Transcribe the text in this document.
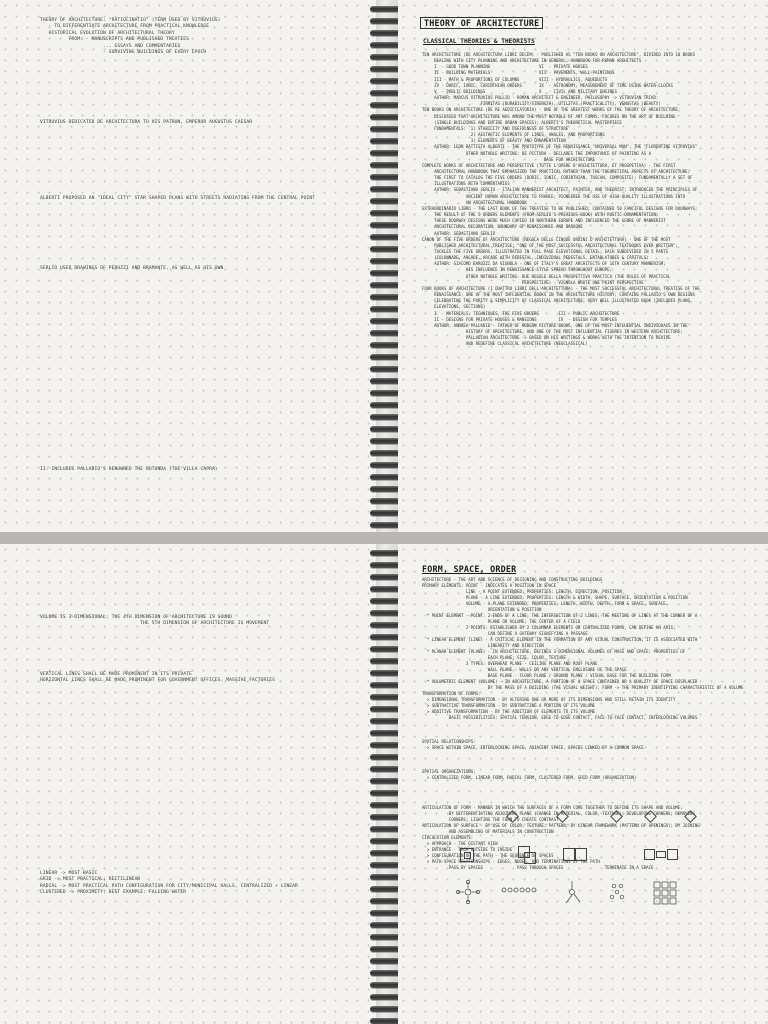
THEORY OF ARCHITECTURE: "RATIOCINATIO" (TERM USED BY VITRUVIUS)
- TO DIFFERENTIATE ARCHITECTURE FROM PRACTICAL KNOWLEDGE
HISTORICAL EVOLUTION OF ARCHITECTURAL THEORY
FROM: - MANUSCRIPTS AND PUBLISHED TREATIES
... ESSAYS AND COMMENTARIES
- SURVIVING BUILDINGS OF EVERY EPOCH

VITRUVIUS DEDICATED DE ARCHITECTURA TO HIS PATRON, EMPEROR AUGUSTUS CAESAR

ALBERTI PROPOSED AN "IDEAL CITY" STAR SHAPED PLANS WITH STREETS RADIATING FROM THE CENTRAL POINT

SERLIO USED DRAWINGS OF PERUZZI AND BRAMANTE, AS WELL AS HIS OWN

II: INCLUDES PALLADIO'S RENOWNED THE ROTUNDA (THE VILLA CAPRA)

THEORY OF ARCHITECTURE

CLASSICAL THEORIES & THEORISTS

TEN ARCHITECTURE (DE ARCHITECTURA LIBRI DECEM) - PUBLISHED AS "TEN BOOKS ON ARCHITECTURE", DIVIDED INTO 10 BOOKS
DEALING WITH CITY PLANNING AND ARCHITECTURE IN GENERAL; HANDBOOK FOR ROMAN ARCHITECTS
I  - GOOD TOWN PLANNING                    VI  - PRIVATE HOUSES
II - BUILDING MATERIALS                    VII - PAVEMENTS, WALL-PAINTINGS
III - MATH & PROPORTIONS OF COLUMNS        VIII - HYDRAULICS, AQUEDUCTS
IV - DORIC, IONIC, CORINTHIAN ORDERS       IX  - ASTRONOMY, MEASUREMENT OF TIME USING WATER-CLOCKS
V  - PUBLIC BUILDINGS                      X   - CIVIL AND MILITARY ENGINES
AUTHOR: MARCUS VITRUVIUS POLLIO - ROMAN ARCHITECT & ENGINEER, PHILOSOPHY -> VITRUVIAN TRIAD:
FIRMITAS (DURABILITY/STRENGTH), UTILITAS (PRACTICALITY), VENUSTAS (BEAUTY)
TEN BOOKS ON ARCHITECTURE (DE RE AEDIFICATORIA) - ONE OF THE GREATEST WORKS OF THE THEORY OF ARCHITECTURE;
DISCUSSED THAT ARCHITECTURE WAS AMONG THE MOST NOTABLE OF ART FORMS; FOCUSES ON THE ART OF BUILDING
(SINGLE BUILDINGS AND ENTIRE URBAN SPACES); ALBERTI'S THEORETICAL MASTERPIECE
FUNDAMENTALS:  1) STABILITY AND USEFULNESS OF STRUCTURE
2) AESTHETIC ELEMENTS OF LINES, ANGLES, AND PROPORTIONS
3) ELEMENTS OF BEAUTY AND ORNAMENTATION
AUTHOR: LEON BATTISTA ALBERTI - THE PROTOTYPE OF THE RENAISSANCE "UNIVERSAL MAN", THE "FLORENTINE VITRUVIUS"
OTHER NOTABLE WRITING: DE PICTURA - DECLARES THE IMPORTANCE OF PAINTING AS A
BASE FOR ARCHITECTURE
COMPLETE WORKS OF ARCHITECTURE AND PERSPECTIVE (TUTTE L'OPERE D'ARCHITETTURA, ET PROSPETIVA) - THE FIRST
ARCHITECTURAL HANDBOOK THAT EMPHASIZED THE PRACTICAL RATHER THAN THE THEORETICAL ASPECTS OF ARCHITECTURE;
THE FIRST TO CATALOG THE FIVE ORDERS (DORIC, IONIC, CORINTHIAN, TUSCAN, COMPOSITE); FUNDAMENTALLY A SET OF
ILLUSTRATIONS WITH COMMENTARIES
AUTHOR: SEBASTIANO SERLIO - ITALIAN MANNERIST ARCHITECT, PAINTER, AND THEORIST; INTRODUCED THE PRINCIPLES OF
ANCIENT ROMAN ARCHITECTURE TO FRANCE; PIONEERED THE USE OF HIGH-QUALITY ILLUSTRATIONS INTO
AN ARCHITECTURAL HANDBOOK
EXTRAORDINARIO LIBRO - THE LAST BOOK OF THE TREATISE TO BE PUBLISHED; CONTAINED 50 FANCIFUL DESIGNS FOR DOORWAYS;
THE RESULT OF THE 5 ORDERS ELEMENTS (FROM SERLIO'S PREVIOUS BOOK) WITH RUSTIC ORNAMENTATION;
THESE DOORWAY DESIGNS WERE MUCH COPIED IN NORTHERN EUROPE AND INFLUENCED THE GENRE OF MANNERIST
ARCHITECTURAL DECORATION; BOUNDARY OF RENAISSANCE AND BAROQUE
AUTHOR: SEBASTIANO SERLIO
CANON OF THE FIVE ORDERS OF ARCHITECTURE (REGOLA DELLE CINQUE ORDINI D'ARCHITETTURA) - ONE OF THE MOST
PUBLISHED ARCHITECTURAL TREATISE; "ONE OF THE MOST SUCCESSFUL ARCHITECTURAL TEXTBOOKS EVER WRITTEN";
TACKLES THE FIVE ORDERS, ILLUSTRATED IN FULL PAGE ELEVATIONAL DETAIL; EACH SUBDIVIDED IN 5 PARTS
(COLONNADE, ARCADE, ARCADE WITH PEDESTAL, INDIVIDUAL PEDESTALS, ENTABLATURES & CAPITALS)
AUTHOR: GIACOMO BAROZZI DA VIGNOLA - ONE OF ITALY'S GREAT ARCHITECTS OF 16TH CENTURY MANNERISM;
HIS INFLUENCE IN RENAISSANCE STYLE SPREAD THROUGHOUT EUROPE;
OTHER NOTABLE WRITING: DUE REGOLE DELLA PROSPETTIVA PRACTICA (THE RULES OF PRACTICAL
PERSPECTIVE) - VIGNOLA WROTE ONE POINT PERSPECTIVE
FOUR BOOKS OF ARCHITECTURE (I QUATTRO LIBRI DELL'ARCHITETTURA) - THE MOST SUCCESSFUL ARCHITECTURAL TREATISE OF THE
RENAISSANCE; ONE OF THE MOST INFLUENTIAL BOOKS IN THE ARCHITECTURE HISTORY; CONTAINS PALLADIO'S OWN DESIGNS
CELEBRATING THE PURITY & SIMPLICITY OF CLASSICAL ARCHITECTURE; VERY WELL ILLUSTRATED BOOK (INCLUDES PLANS,
ELEVATIONS, SECTIONS)
I  - MATERIALS, TECHNIQUES, THE FIVE ORDERS        III - PUBLIC ARCHITECTURE
II - DESIGNS FOR PRIVATE HOUSES & MANSIONS         IV  - DESIGN FOR TEMPLES
AUTHOR: ANDREA PALLADIO - FATHER OF MODERN PICTURE BOOKS, ONE OF THE MOST INFLUENTIAL INDIVIDUALS IN THE
HISTORY OF ARCHITECTURE, AND ONE OF THE MOST INFLUENTIAL FIGURES IN WESTERN ARCHITECTURE;
PALLADIAN ARCHITECTURE -> BASED ON HIS WRITINGS & WORKS WITH THE INTENTION TO REVIVE
AND REDEFINE CLASSICAL ARCHITECTURE (NEOCLASSICAL)

VOLUME IS 3-DIMENSIONAL; THE 4TH DIMENSION OF ARCHITECTURE IS SOUND
THE 5TH DIMENSION OF ARCHITECTURE IS MOVEMENT

VERTICAL LINES SHALL BE MADE PROMINENT IN ITS PRIVATE
HORIZONTAL LINES SHALL BE MADE PROMINENT FOR GOVERNMENT OFFICES, MASSIVE FACTORIES

LINEAR -> MOST BASIC
GRID -> MOST PRACTICAL; RECTILINEAR
RADIAL -> MOST PRACTICAL PATH CONFIGURATION FOR CITY/MUNICIPAL HALLS, CENTRALIZED + LINEAR
CLUSTERED -> PROXIMITY; BEST EXAMPLE: FALLING WATER

FORM, SPACE, ORDER

ARCHITECTURE - THE ART AND SCIENCE OF DESIGNING AND CONSTRUCTING BUILDINGS
PRIMARY ELEMENTS: POINT - INDICATES A POSITION IN SPACE
LINE - A POINT EXTENDED; PROPERTIES: LENGTH, DIRECTION, POSITION
PLANE - A LINE EXTENDED; PROPERTIES: LENGTH & WIDTH, SHAPE, SURFACE, ORIENTATION & POSITION
VOLUME - A PLANE EXTENDED; PROPERTIES: LENGTH, WIDTH, DEPTH, FORM & SPACE, SURFACE,
ORIENTATION & POSITION
* POINT ELEMENT - POINT: 2 ENDS OF A LINE; THE INTERSECTION OF 2 LINES; THE MEETING OF LINES AT THE CORNER OF A
PLANE OR VOLUME; THE CENTER OF A FIELD
2 POINTS: ESTABLISHED BY 2 COLUMNAR ELEMENTS OR CENTRALIZED FORMS, CAN DEFINE AN AXIS;
CAN DEFINE A GATEWAY SIGNIFYING A PASSAGE
* LINEAR ELEMENT (LINE) - A CRITICAL ELEMENT IN THE FORMATION OF ANY VISUAL CONSTRUCTION; IT IS ASSOCIATED WITH
LINEARITY AND DIRECTION
* PLANAR ELEMENT (PLANE) - IN ARCHITECTURE, DEFINES 3-DIMENSIONAL VOLUMES OF MASS AND SPACE; PROPERTIES OF
EACH PLANE: SIZE, COLOR, TEXTURE
3 TYPES: OVERHEAD PLANE - CEILING PLANE AND ROOF PLANE
WALL PLANE - WALLS OR ANY VERTICAL ENCLOSURE OF THE SPACE
BASE PLANE - FLOOR PLANE / GROUND PLANE / VISUAL BASE FOR THE BUILDING FORM
* VOLUMETRIC ELEMENT (VOLUME) - IN ARCHITECTURE, A PORTION OF A SPACE CONTAINED OR A QUALITY OF SPACE DISPLACED
BY THE MASS OF A BUILDING (THE VISUAL WEIGHT); FORM -> THE PRIMARY IDENTIFYING CHARACTERISTIC OF A VOLUME
TRANSFORMATION OF FORMS:
> DIMENSIONAL TRANSFORMATION - BY ALTERING ONE OR MORE OF ITS DIMENSIONS AND STILL RETAIN ITS IDENTITY
> SUBTRACTIVE TRANSFORMATION - BY SUBTRACTING A PORTION OF ITS VOLUME
> ADDITIVE TRANSFORMATION - BY THE ADDITION OF ELEMENTS TO ITS VOLUME
BASIC POSSIBILITIES: SPATIAL TENSION, EDGE-TO-EDGE CONTACT, FACE-TO-FACE CONTACT, INTERLOCKING VOLUMES

SPATIAL RELATIONSHIPS:
> SPACE WITHIN SPACE, INTERLOCKING SPACE, ADJACENT SPACE, SPACES LINKED BY A COMMON SPACE

SPATIAL ORGANIZATIONS:
> CENTRALIZED FORM, LINEAR FORM, RADIAL FORM, CLUSTERED FORM, GRID FORM (ORGANIZATION)

ARTICULATION OF FORM - MANNER IN WHICH THE SURFACES OF A FORM COME TOGETHER TO DEFINE ITS SHAPE AND VOLUME;
BY DIFFERENTIATING ADJOINING PLANE (CHANGE IN MATERIAL, COLOR, TEXTURE); DEVELOPING CORNERS; REMOVING
CORNERS; LIGHTING THE FORM TO CREATE CONTRAST
ARTICULATION OF SURFACE - BY USE OF COLOR, TEXTURE; PATTERN; BY LINEAR FRAMEWORK (PATTERN OF OPENINGS); BY JOINING
AND ASSEMBLING OF MATERIALS IN CONSTRUCTION
CIRCULATION ELEMENTS:
> APPROACH - THE DISTANT VIEW
> ENTRANCE - FROM OUTSIDE TO INSIDE
> CONFIGURATION OF THE PATH - THE SEQUENCE OF SPACES
> PATH-SPACE RELATIONSHIPS - EDGES, NODES, AND TERMINATIONS OF THE PATH
PASS BY SPACES              PASS THROUGH SPACES                 TERMINATE IN A SPACE
